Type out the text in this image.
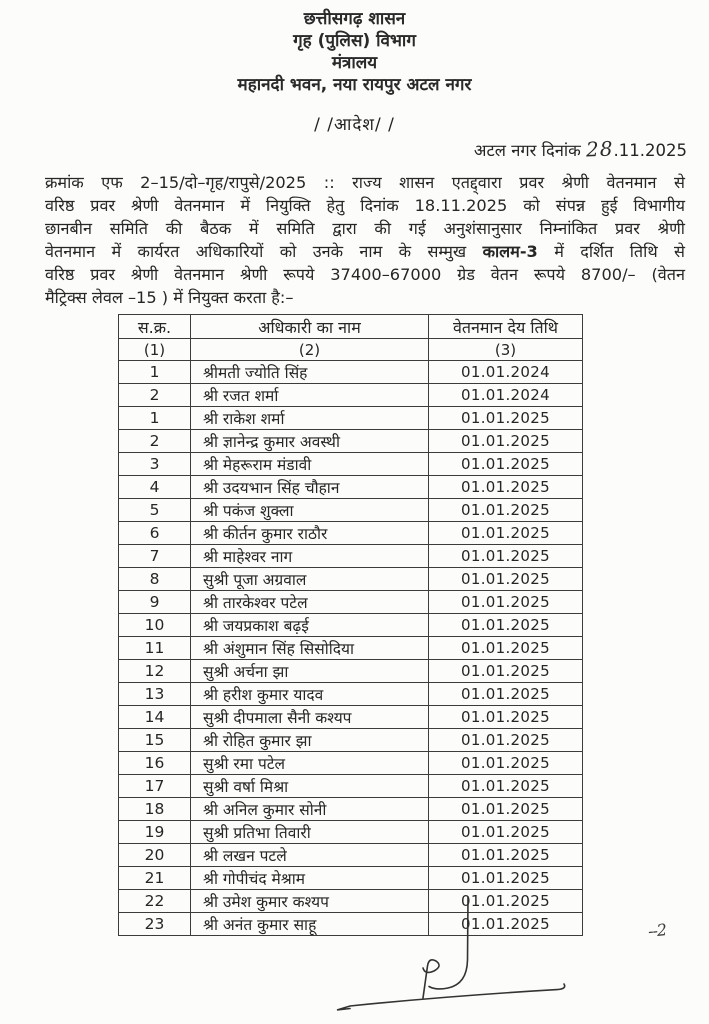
छत्तीसगढ़ शासन
गृह (पुलिस) विभाग
मंत्रालय
महानदी भवन, नया रायपुर अटल नगर
/ /आदेश/ /
अटल नगर दिनांक 28.11.2025
क्रमांक एफ 2–15/दो–गृह/रापुसे/2025 :: राज्य शासन एतद्द्वारा प्रवर श्रेणी वेतनमान से
वरिष्ठ प्रवर श्रेणी वेतनमान में नियुक्ति हेतु दिनांक 18.11.2025 को संपन्न हुई विभागीय
छानबीन समिति की बैठक में समिति द्वारा की गई अनुशंसानुसार निम्नांकित प्रवर श्रेणी
वेतनमान में कार्यरत अधिकारियों को उनके नाम के सम्मुख कालम-3 में दर्शित तिथि से
वरिष्ठ प्रवर श्रेणी वेतनमान श्रेणी रूपये 37400–67000 ग्रेड वेतन रूपये 8700/– (वेतन
मैट्रिक्स लेवल –15 ) में नियुक्त करता है:–
स.क्र.	अधिकारी का नाम	वेतनमान देय तिथि
(1)	(2)	(3)
1	श्रीमती ज्योति सिंह	01.01.2024
2	श्री रजत शर्मा	01.01.2024
1	श्री राकेश शर्मा	01.01.2025
2	श्री ज्ञानेन्द्र कुमार अवस्थी	01.01.2025
3	श्री मेहरूराम मंडावी	01.01.2025
4	श्री उदयभान सिंह चौहान	01.01.2025
5	श्री पकंज शुक्ला	01.01.2025
6	श्री कीर्तन कुमार राठौर	01.01.2025
7	श्री माहेश्वर नाग	01.01.2025
8	सुश्री पूजा अग्रवाल	01.01.2025
9	श्री तारकेश्वर पटेल	01.01.2025
10	श्री जयप्रकाश बढ़ई	01.01.2025
11	श्री अंशुमान सिंह सिसोदिया	01.01.2025
12	सुश्री अर्चना झा	01.01.2025
13	श्री हरीश कुमार यादव	01.01.2025
14	सुश्री दीपमाला सैनी कश्यप	01.01.2025
15	श्री रोहित कुमार झा	01.01.2025
16	सुश्री रमा पटेल	01.01.2025
17	सुश्री वर्षा मिश्रा	01.01.2025
18	श्री अनिल कुमार सोनी	01.01.2025
19	सुश्री प्रतिभा तिवारी	01.01.2025
20	श्री लखन पटले	01.01.2025
21	श्री गोपीचंद मेश्राम	01.01.2025
22	श्री उमेश कुमार कश्यप	01.01.2025
23	श्री अनंत कुमार साहू	01.01.2025	--2
